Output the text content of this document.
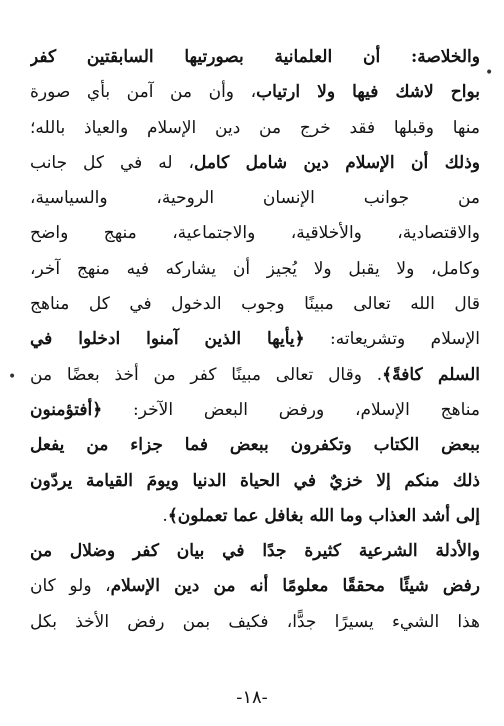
والخلاصة: أن العلمانية بصورتيها السابقتين كفر
بواح لاشك فيها ولا ارتياب، وأن من آمن بأي صورة
منها وقبلها فقد خرج من دين الإسلام والعياذ بالله؛
وذلك أن الإسلام دين شامل كامل، له في كل جانب
من جوانب الإنسان الروحية، والسياسية،
والاقتصادية، والأخلاقية، والاجتماعية، منهج واضح
وكامل، ولا يقبل ولا يُجيز أن يشاركه فيه منهج آخر،
قال الله تعالى مبينًا وجوب الدخول في كل مناهج
الإسلام وتشريعاته: ﴿يأيها الذين آمنوا ادخلوا في
السلم كافةً﴾. وقال تعالى مبينًا كفر من أخذ بعضًا من
مناهج الإسلام، ورفض البعض الآخر: ﴿أفتؤمنون
ببعض الكتاب وتكفرون ببعض فما جزاء من يفعل
ذلك منكم إلا خزيٌ في الحياة الدنيا ويومَ القيامة يردّون
إلى أشد العذاب وما الله بغافل عما تعملون﴾.
والأدلة الشرعية كثيرة جدًا في بيان كفر وضلال من
رفض شيئًا محققًا معلومًا أنه من دين الإسلام، ولو كان
هذا الشيء يسيرًا جدًّا، فكيف بمن رفض الأخذ بكل
•
•
-١٨-
